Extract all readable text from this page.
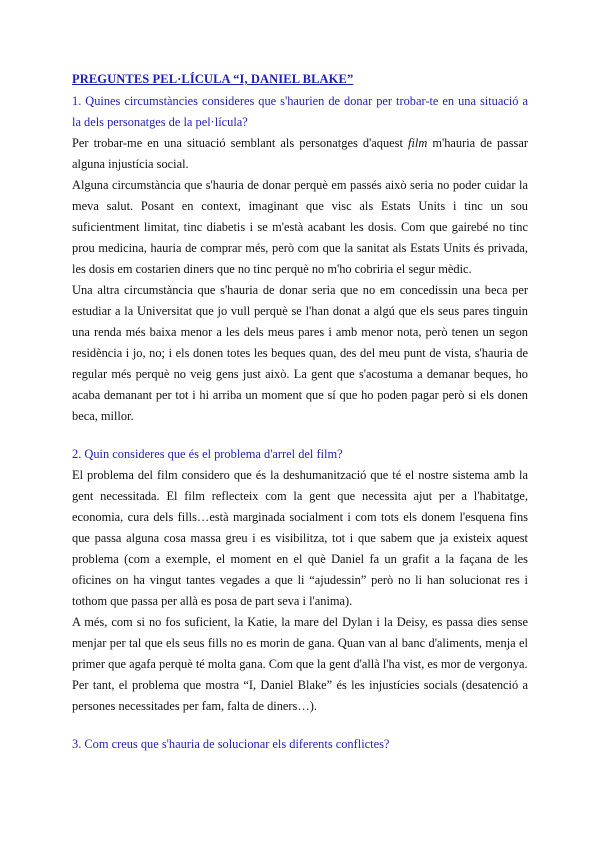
PREGUNTES PEL·LÍCULA “I, DANIEL BLAKE”

1. Quines circumstàncies consideres que s'haurien de donar per trobar-te en una situació a la dels personatges de la pel·lícula?

Per trobar-me en una situació semblant als personatges d'aquest film m'hauria de passar alguna injustícia social.

Alguna circumstància que s'hauria de donar perquè em passés això seria no poder cuidar la meva salut. Posant en context, imaginant que visc als Estats Units i tinc un sou suficientment limitat, tinc diabetis i se m'està acabant les dosis. Com que gairebé no tinc prou medicina, hauria de comprar més, però com que la sanitat als Estats Units és privada, les dosis em costarien diners que no tinc perquè no m'ho cobriria el segur mèdic.

Una altra circumstància que s'hauria de donar seria que no em concedissin una beca per estudiar a la Universitat que jo vull perquè se l'han donat a algú que els seus pares tinguin una renda més baixa menor a les dels meus pares i amb menor nota, però tenen un segon residència i jo, no; i els donen totes les beques quan, des del meu punt de vista, s'hauria de regular més perquè no veig gens just això. La gent que s'acostuma a demanar beques, ho acaba demanant per tot i hi arriba un moment que sí que ho poden pagar però si els donen beca, millor.

2. Quin consideres que és el problema d'arrel del film?

El problema del film considero que és la deshumanització que té el nostre sistema amb la gent necessitada. El film reflecteix com la gent que necessita ajut per a l'habitatge, economia, cura dels fills…està marginada socialment i com tots els donem l'esquena fins que passa alguna cosa massa greu i es visibilitza, tot i que sabem que ja existeix aquest problema (com a exemple, el moment en el què Daniel fa un grafit a la façana de les oficines on ha vingut tantes vegades a que li “ajudessin” però no li han solucionat res i tothom que passa per allà es posa de part seva i l'anima).

A més, com si no fos suficient, la Katie, la mare del Dylan i la Deisy, es passa dies sense menjar per tal que els seus fills no es morin de gana. Quan van al banc d'aliments, menja el primer que agafa perquè té molta gana. Com que la gent d'allà l'ha vist, es mor de vergonya.

Per tant, el problema que mostra “I, Daniel Blake” és les injustícies socials (desatenció a persones necessitades per fam, falta de diners…).

3. Com creus que s'hauria de solucionar els diferents conflictes?
